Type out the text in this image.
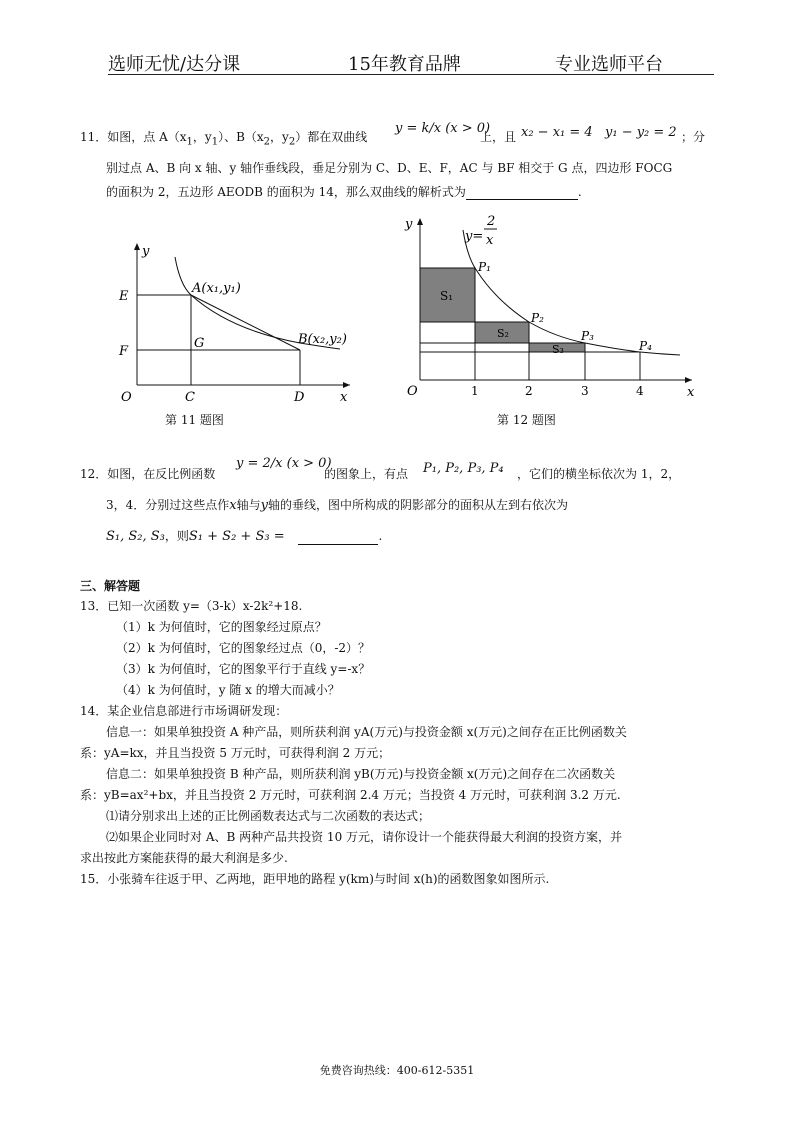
选师无忧/达分课	15年教育品牌	专业选师平台
11．如图，点 $A(x_1$，$y_1$）、$B(x_2$，$y_2$）都在双曲线
y = k/x (x > 0)
上，且 x₂ − x₁ = 4 y₁ − y₂ = 2 ；分
别过点 A、B 向 x 轴、y 轴作垂线段，垂足分别为 C、D、E、F，AC 与 BF 相交于 G 点，四边形 FOCG
的面积为 2，五边形 AEODB 的面积为 14，那么双曲线的解析式为	.
y
x
O
E
F
G
C	D
A(x₁,y₁)
B(x₂,y₂)
第 11 题图
y
x
O
y=
2
x
P₁
P₂
P₃
P₄
S₁
S₂
S₃
1	2	3	4
第 12 题图
12．如图，在反比例函数
y = 2/x (x > 0)
的图象上，有点 P₁, P₂, P₃, P₄ ，它们的横坐标依次为 1，2，
3，4．分别过这些点作x轴与y轴的垂线，图中所构成的阴影部分的面积从左到右依次为
S₁, S₂, S₃，则S₁ + S₂ + S₃ =	.
三、解答题
13．已知一次函数 y=（3-k）x-2k²+18.
（1）k 为何值时，它的图象经过原点？
（2）k 为何值时，它的图象经过点（0，-2）？
（3）k 为何值时，它的图象平行于直线 y=-x？
（4）k 为何值时，y 随 x 的增大而减小？
14．某企业信息部进行市场调研发现：
信息一：如果单独投资 A 种产品，则所获利润 yA(万元)与投资金额 x(万元)之间存在正比例函数关
系：yA=kx，并且当投资 5 万元时，可获得利润 2 万元；
信息二：如果单独投资 B 种产品，则所获利润 yB(万元)与投资金额 x(万元)之间存在二次函数关
系：yB=ax²+bx，并且当投资 2 万元时，可获利润 2.4 万元；当投资 4 万元时，可获利润 3.2 万元.
⑴请分别求出上述的正比例函数表达式与二次函数的表达式；
⑵如果企业同时对 A、B 两种产品共投资 10 万元，请你设计一个能获得最大利润的投资方案，并
求出按此方案能获得的最大利润是多少.
15．小张骑车往返于甲、乙两地，距甲地的路程 y(km)与时间 x(h)的函数图象如图所示.
免费咨询热线：400-612-5351
